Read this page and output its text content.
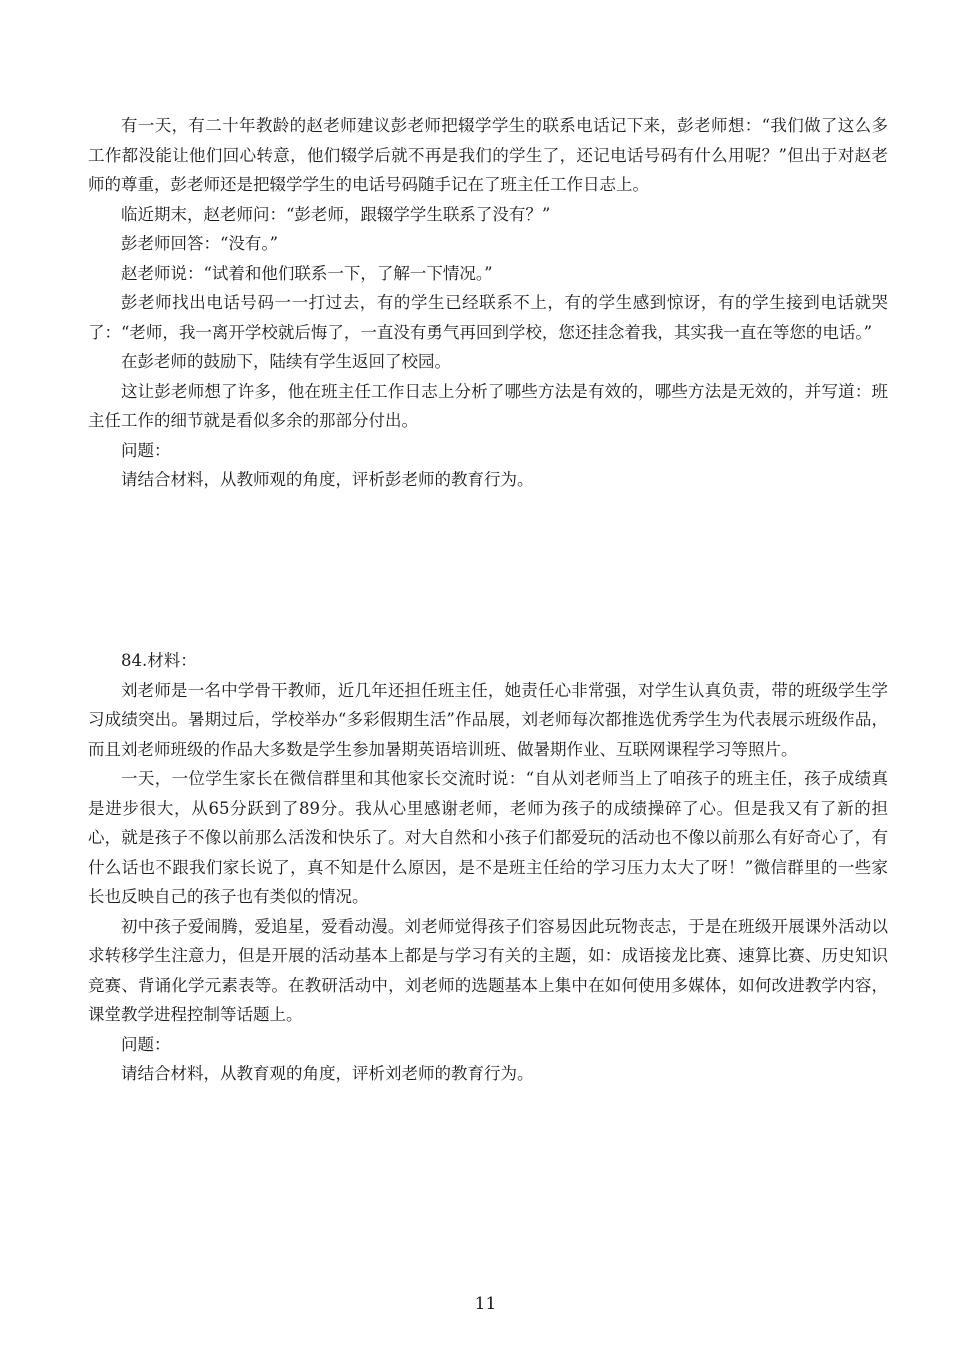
有一天，有二十年教龄的赵老师建议彭老师把辍学学生的联系电话记下来，彭老师想：“我们做了这么多工作都没能让他们回心转意，他们辍学后就不再是我们的学生了，还记电话号码有什么用呢？”但出于对赵老师的尊重，彭老师还是把辍学学生的电话号码随手记在了班主任工作日志上。

临近期末，赵老师问：“彭老师，跟辍学学生联系了没有？”

彭老师回答：“没有。”

赵老师说：“试着和他们联系一下，了解一下情况。”

彭老师找出电话号码一一打过去，有的学生已经联系不上，有的学生感到惊讶，有的学生接到电话就哭了：“老师，我一离开学校就后悔了，一直没有勇气再回到学校，您还挂念着我，其实我一直在等您的电话。”

在彭老师的鼓励下，陆续有学生返回了校园。

这让彭老师想了许多，他在班主任工作日志上分析了哪些方法是有效的，哪些方法是无效的，并写道：班主任工作的细节就是看似多余的那部分付出。

问题：

请结合材料，从教师观的角度，评析彭老师的教育行为。

84.材料：

刘老师是一名中学骨干教师，近几年还担任班主任，她责任心非常强，对学生认真负责，带的班级学生学习成绩突出。暑期过后，学校举办“多彩假期生活”作品展，刘老师每次都推选优秀学生为代表展示班级作品，而且刘老师班级的作品大多数是学生参加暑期英语培训班、做暑期作业、互联网课程学习等照片。

一天，一位学生家长在微信群里和其他家长交流时说：“自从刘老师当上了咱孩子的班主任，孩子成绩真是进步很大，从65分跃到了89分。我从心里感谢老师，老师为孩子的成绩操碎了心。但是我又有了新的担心，就是孩子不像以前那么活泼和快乐了。对大自然和小孩子们都爱玩的活动也不像以前那么有好奇心了，有什么话也不跟我们家长说了，真不知是什么原因，是不是班主任给的学习压力太大了呀！”微信群里的一些家长也反映自己的孩子也有类似的情况。

初中孩子爱闹腾，爱追星，爱看动漫。刘老师觉得孩子们容易因此玩物丧志，于是在班级开展课外活动以求转移学生注意力，但是开展的活动基本上都是与学习有关的主题，如：成语接龙比赛、速算比赛、历史知识竞赛、背诵化学元素表等。在教研活动中，刘老师的选题基本上集中在如何使用多媒体，如何改进教学内容，课堂教学进程控制等话题上。

问题：

请结合材料，从教育观的角度，评析刘老师的教育行为。

11
